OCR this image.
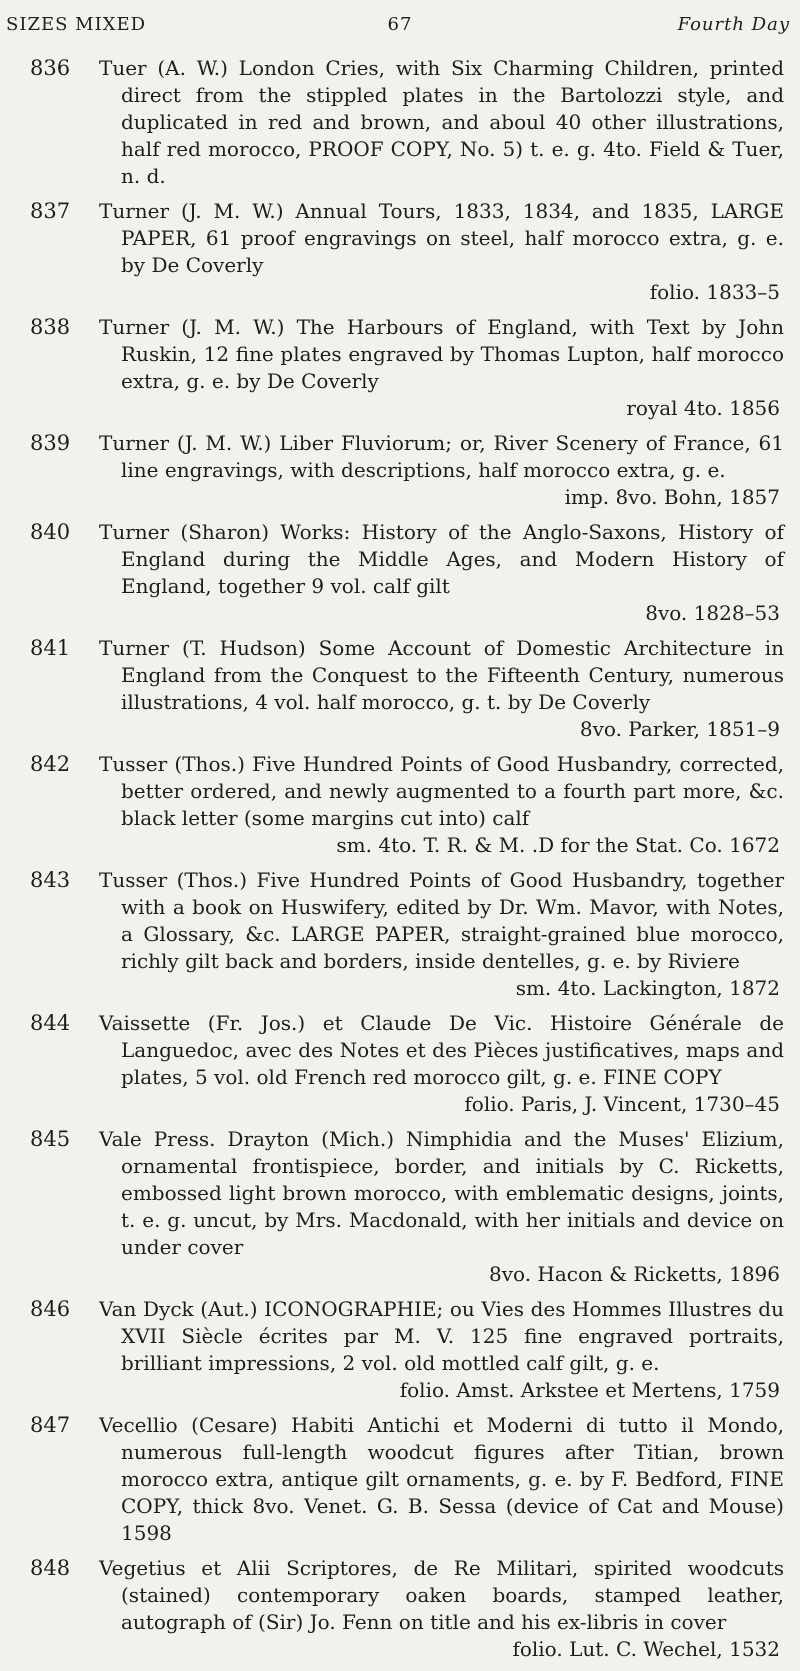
SIZES MIXED	67	Fourth Day
836 Tuer (A. W.) London Cries, with Six Charming Children, printed direct from the stippled plates in the Bartolozzi style, and duplicated in red and brown, and aboul 40 other illustrations, half red morocco, PROOF COPY, No. 5) t. e. g. 4to. Field & Tuer, n. d.
837 Turner (J. M. W.) Annual Tours, 1833, 1834, and 1835, LARGE PAPER, 61 proof engravings on steel, half morocco extra, g. e. by De Coverly
folio. 1833–5
838 Turner (J. M. W.) The Harbours of England, with Text by John Ruskin, 12 fine plates engraved by Thomas Lupton, half morocco extra, g. e. by De Coverly
royal 4to. 1856
839 Turner (J. M. W.) Liber Fluviorum; or, River Scenery of France, 61 line engravings, with descriptions, half morocco extra, g. e.
imp. 8vo. Bohn, 1857
840 Turner (Sharon) Works: History of the Anglo-Saxons, History of England during the Middle Ages, and Modern History of England, together 9 vol. calf gilt
8vo. 1828–53
841 Turner (T. Hudson) Some Account of Domestic Architecture in England from the Conquest to the Fifteenth Century, numerous illustrations, 4 vol. half morocco, g. t. by De Coverly
8vo. Parker, 1851–9
842 Tusser (Thos.) Five Hundred Points of Good Husbandry, corrected, better ordered, and newly augmented to a fourth part more, &c. black letter (some margins cut into) calf
sm. 4to. T. R. & M. .D for the Stat. Co. 1672
843 Tusser (Thos.) Five Hundred Points of Good Husbandry, together with a book on Huswifery, edited by Dr. Wm. Mavor, with Notes, a Glossary, &c. LARGE PAPER, straight-grained blue morocco, richly gilt back and borders, inside dentelles, g. e. by Riviere
sm. 4to. Lackington, 1872
844 Vaissette (Fr. Jos.) et Claude De Vic. Histoire Générale de Languedoc, avec des Notes et des Pièces justificatives, maps and plates, 5 vol. old French red morocco gilt, g. e. FINE COPY
folio. Paris, J. Vincent, 1730–45
845 Vale Press. Drayton (Mich.) Nimphidia and the Muses' Elizium, ornamental frontispiece, border, and initials by C. Ricketts, embossed light brown morocco, with emblematic designs, joints, t. e. g. uncut, by Mrs. Macdonald, with her initials and device on under cover
8vo. Hacon & Ricketts, 1896
846 Van Dyck (Aut.) ICONOGRAPHIE; ou Vies des Hommes Illustres du XVII Siècle écrites par M. V. 125 fine engraved portraits, brilliant impressions, 2 vol. old mottled calf gilt, g. e.
folio. Amst. Arkstee et Mertens, 1759
847 Vecellio (Cesare) Habiti Antichi et Moderni di tutto il Mondo, numerous full-length woodcut figures after Titian, brown morocco extra, antique gilt ornaments, g. e. by F. Bedford, FINE COPY, thick 8vo. Venet. G. B. Sessa (device of Cat and Mouse) 1598
848 Vegetius et Alii Scriptores, de Re Militari, spirited woodcuts (stained) contemporary oaken boards, stamped leather, autograph of (Sir) Jo. Fenn on title and his ex-libris in cover
folio. Lut. C. Wechel, 1532
